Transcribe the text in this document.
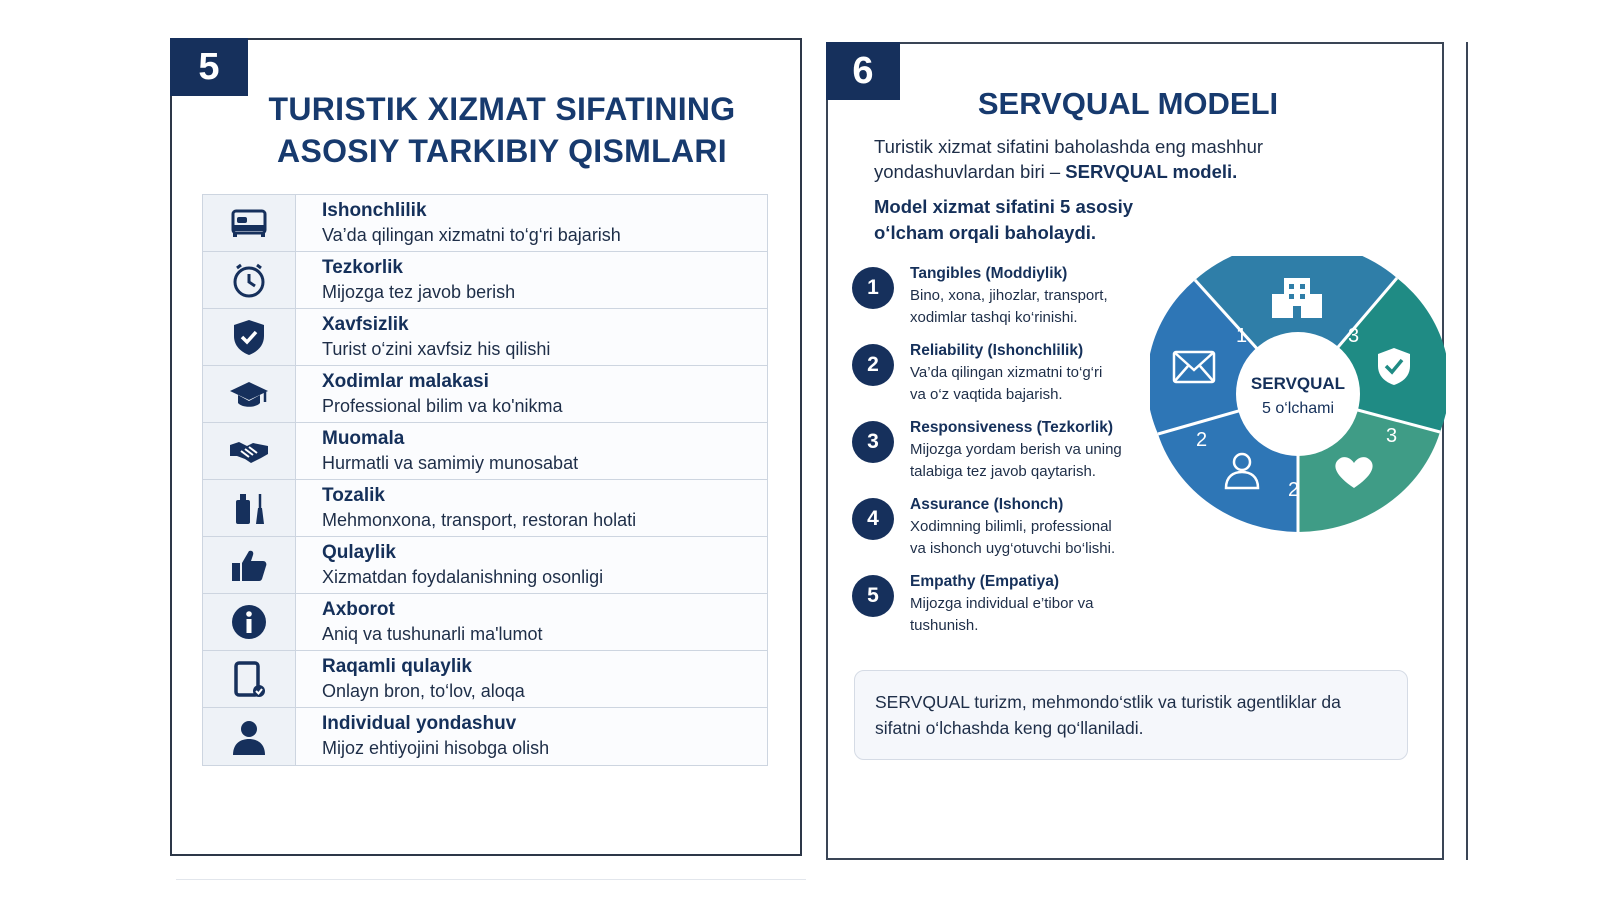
5
TURISTIK XIZMAT SIFATINING
ASOSIY TARKIBIY QISMLARI
Ishonchlilik
Va’da qilingan xizmatni to‘g‘ri bajarish
Tezkorlik
Mijozga tez javob berish
Xavfsizlik
Turist o‘zini xavfsiz his qilishi
Xodimlar malakasi
Professional bilim va ko'nikma
Muomala
Hurmatli va samimiy munosabat
Tozalik
Mehmonxona, transport, restoran holati
Qulaylik
Xizmatdan foydalanishning osonligi
Axborot
Aniq va tushunarli ma'lumot
Raqamli qulaylik
Onlayn bron, to‘lov, aloqa
Individual yondashuv
Mijoz ehtiyojini hisobga olish
6
SERVQUAL MODELI
Turistik xizmat sifatini baholashda eng mashhur yondashuvlardan biri – SERVQUAL modeli.
Model xizmat sifatini 5 asosiy
o‘lcham orqali baholaydi.
1
Tangibles (Moddiylik)
Bino, xona, jihozlar, transport,
xodimlar tashqi ko‘rinishi.
2
Reliability (Ishonchlilik)
Va’da qilingan xizmatni to‘g‘ri
va o‘z vaqtida bajarish.
3
Responsiveness (Tezkorlik)
Mijozga yordam berish va uning
talabiga tez javob qaytarish.
4
Assurance (Ishonch)
Xodimning bilimli, professional
va ishonch uyg‘otuvchi bo‘lishi.
5
Empathy (Empatiya)
Mijozga individual e’tibor va
tushunish.
SERVQUAL
5 o‘lchami
1	3
3
2
2
SERVQUAL turizm, mehmondo‘stlik va turistik agentliklar da sifatni o‘lchashda keng qo‘llaniladi.
